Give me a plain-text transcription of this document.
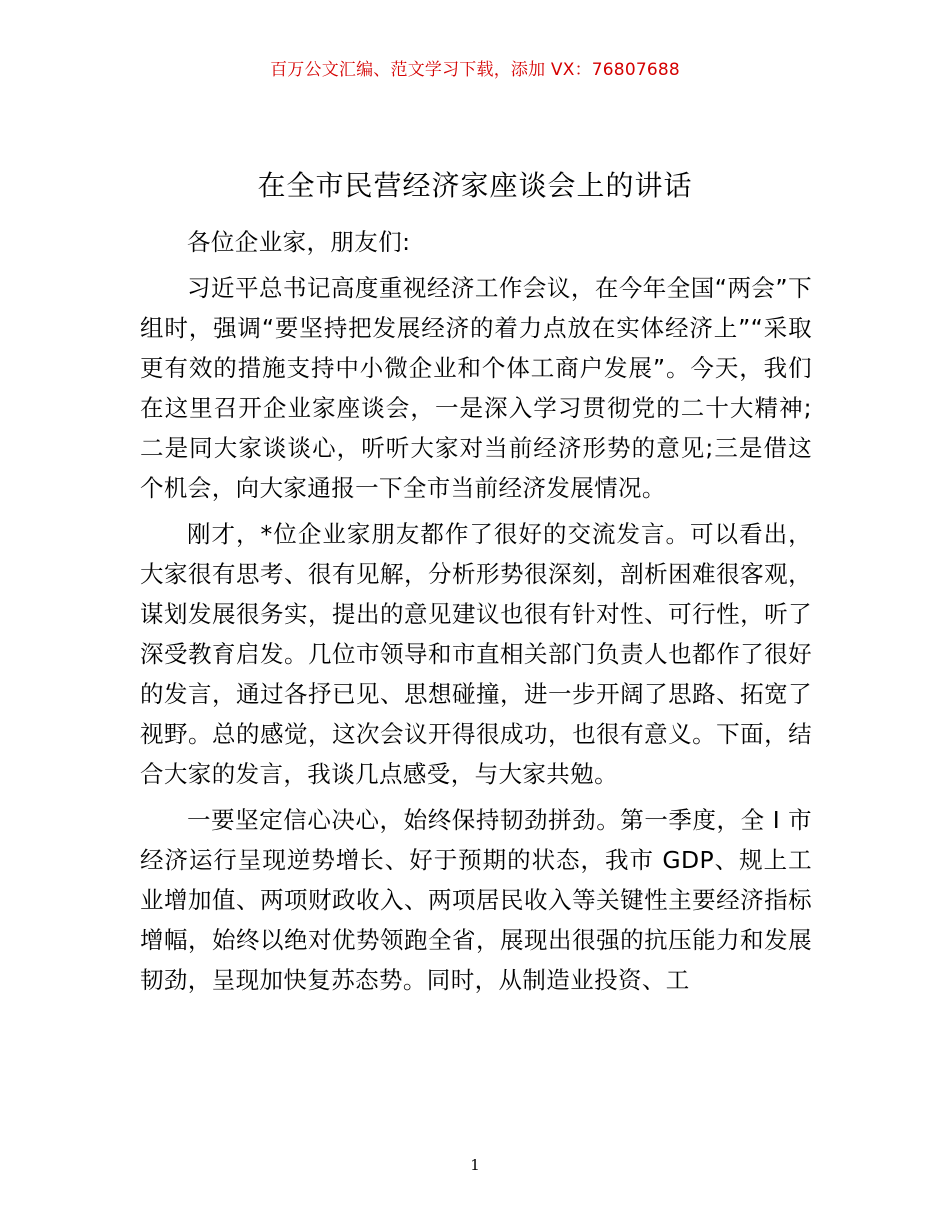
百万公文汇编、范文学习下载，添加 VX：76807688
在全市民营经济家座谈会上的讲话

各位企业家，朋友们:

习近平总书记高度重视经济工作会议，在今年全国“两会”下组时，强调“要坚持把发展经济的着力点放在实体经济上”“采取更有效的措施支持中小微企业和个体工商户发展”。今天，我们在这里召开企业家座谈会，一是深入学习贯彻党的二十大精神;二是同大家谈谈心，听听大家对当前经济形势的意见;三是借这个机会，向大家通报一下全市当前经济发展情况。

刚才，*位企业家朋友都作了很好的交流发言。可以看出，大家很有思考、很有见解，分析形势很深刻，剖析困难很客观，谋划发展很务实，提出的意见建议也很有针对性、可行性，听了深受教育启发。几位市领导和市直相关部门负责人也都作了很好的发言，通过各抒已见、思想碰撞，进一步开阔了思路、拓宽了视野。总的感觉，这次会议开得很成功，也很有意义。下面，结合大家的发言，我谈几点感受，与大家共勉。

一要坚定信心决心，始终保持韧劲拼劲。第一季度，全 I 市经济运行呈现逆势增长、好于预期的状态，我市 GDP、规上工业增加值、两项财政收入、两项居民收入等关键性主要经济指标增幅，始终以绝对优势领跑全省，展现出很强的抗压能力和发展韧劲，呈现加快复苏态势。同时，从制造业投资、工

1
